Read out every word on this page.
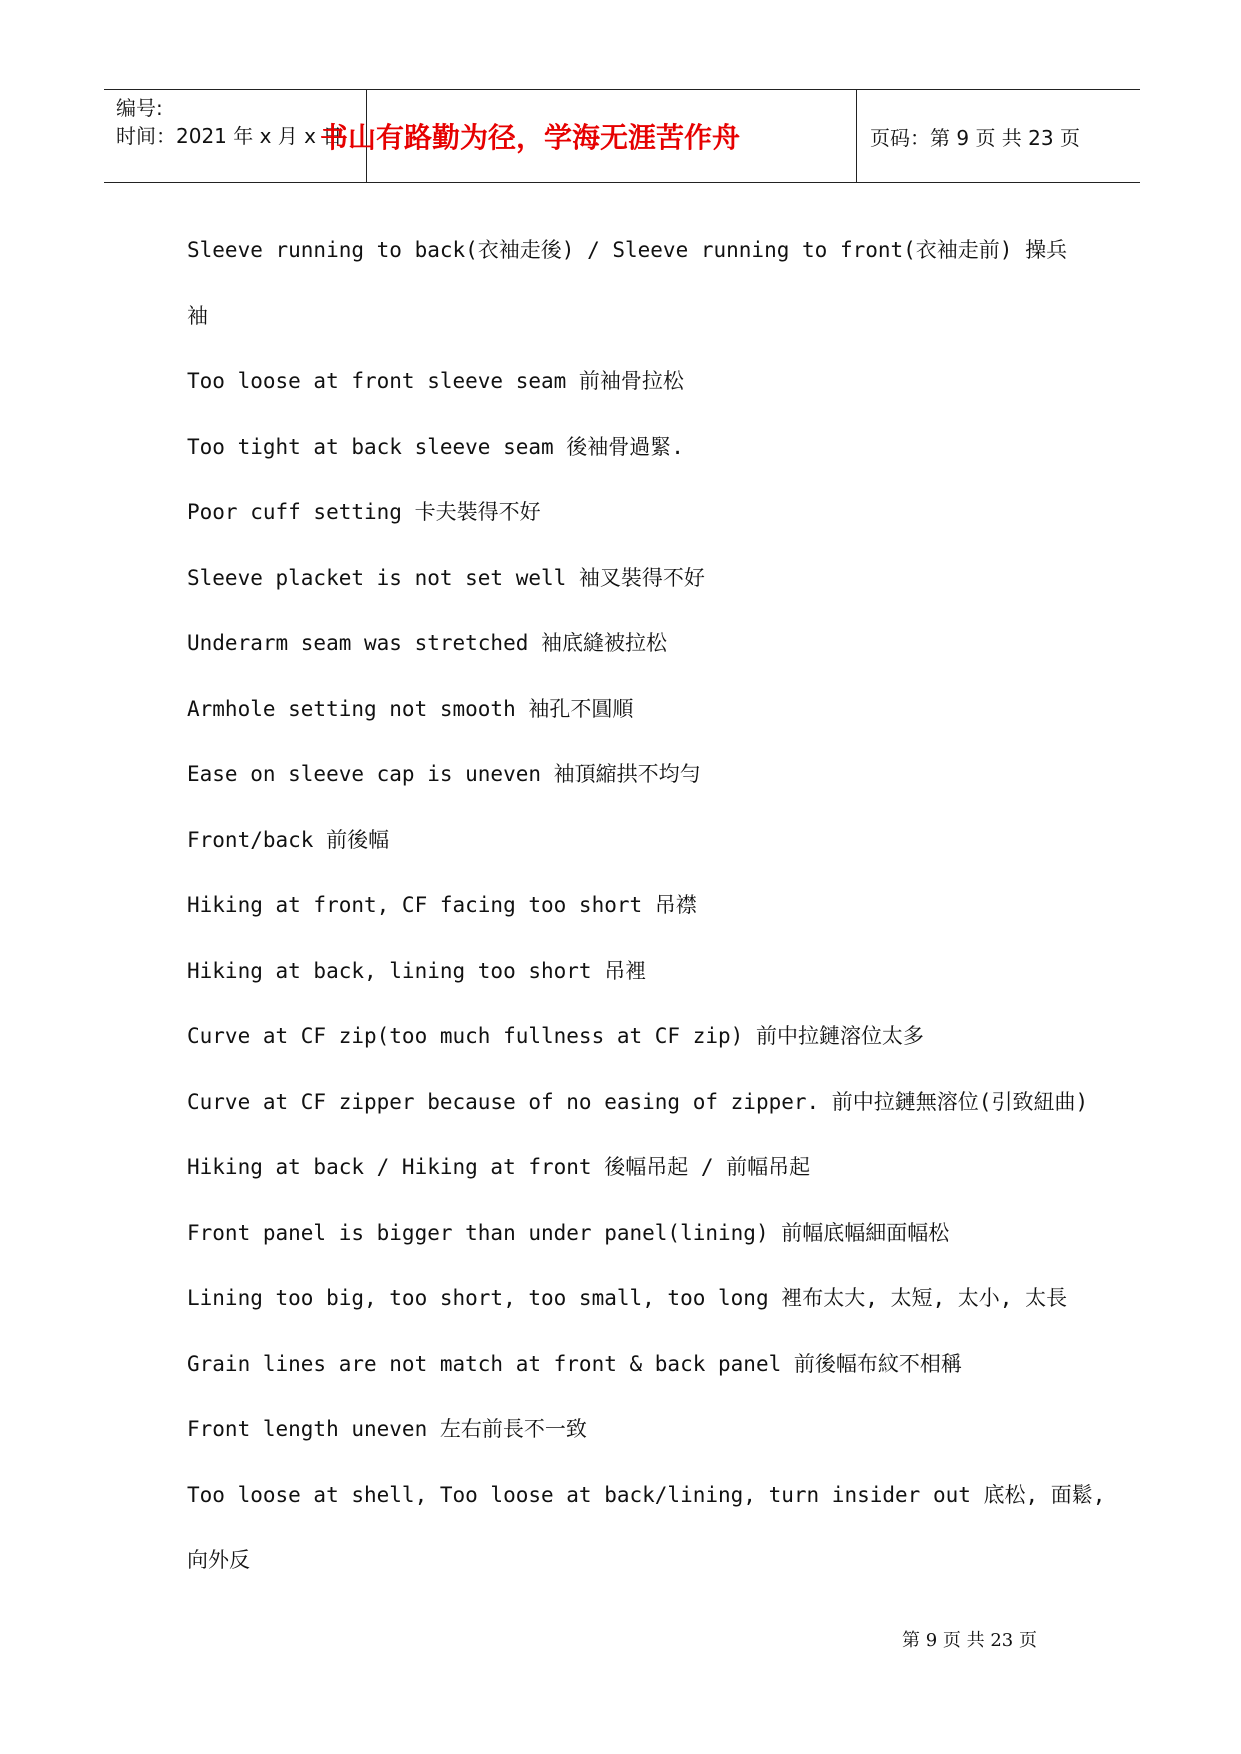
编号:
时间：2021 年 x 月 x 日
书山有路勤为径，学海无涯苦作舟	页码：第 9 页 共 23 页
Sleeve running to back(衣袖走後) / Sleeve running to front(衣袖走前) 操兵
袖
Too loose at front sleeve seam 前袖骨拉松
Too tight at back sleeve seam 後袖骨過緊.
Poor cuff setting 卡夫裝得不好
Sleeve placket is not set well 袖叉裝得不好
Underarm seam was stretched 袖底縫被拉松
Armhole setting not smooth 袖孔不圓順
Ease on sleeve cap is uneven 袖頂縮拱不均勻
Front/back 前後幅
Hiking at front, CF facing too short 吊襟
Hiking at back, lining too short 吊裡
Curve at CF zip(too much fullness at CF zip) 前中拉鏈溶位太多
Curve at CF zipper because of no easing of zipper. 前中拉鏈無溶位(引致紐曲)
Hiking at back / Hiking at front 後幅吊起 / 前幅吊起
Front panel is bigger than under panel(lining) 前幅底幅細面幅松
Lining too big, too short, too small, too long 裡布太大, 太短, 太小, 太長
Grain lines are not match at front & back panel 前後幅布紋不相稱
Front length uneven 左右前長不一致
Too loose at shell, Too loose at back/lining, turn insider out 底松, 面鬆,
向外反
第 9 页 共 23 页
